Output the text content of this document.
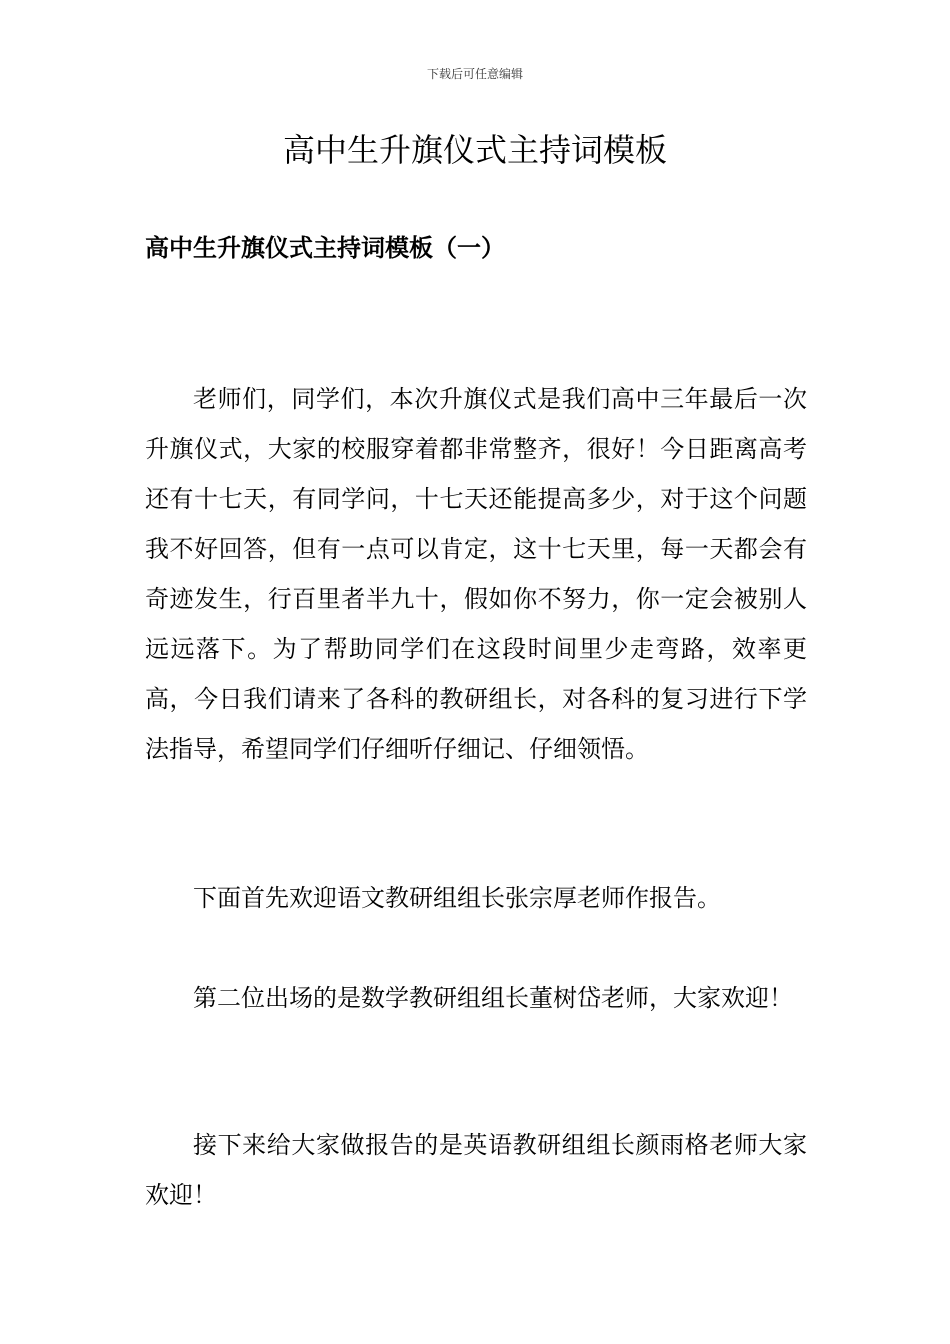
下载后可任意编辑
高中生升旗仪式主持词模板
高中生升旗仪式主持词模板（一）

老师们，同学们，本次升旗仪式是我们高中三年最后一次升旗仪式，大家的校服穿着都非常整齐，很好！今日距离高考还有十七天，有同学问，十七天还能提高多少，对于这个问题我不好回答，但有一点可以肯定，这十七天里，每一天都会有奇迹发生，行百里者半九十，假如你不努力，你一定会被别人远远落下。为了帮助同学们在这段时间里少走弯路，效率更高，今日我们请来了各科的教研组长，对各科的复习进行下学法指导，希望同学们仔细听仔细记、仔细领悟。

下面首先欢迎语文教研组组长张宗厚老师作报告。

第二位出场的是数学教研组组长董树岱老师，大家欢迎！

接下来给大家做报告的是英语教研组组长颜雨格老师大家欢迎！
